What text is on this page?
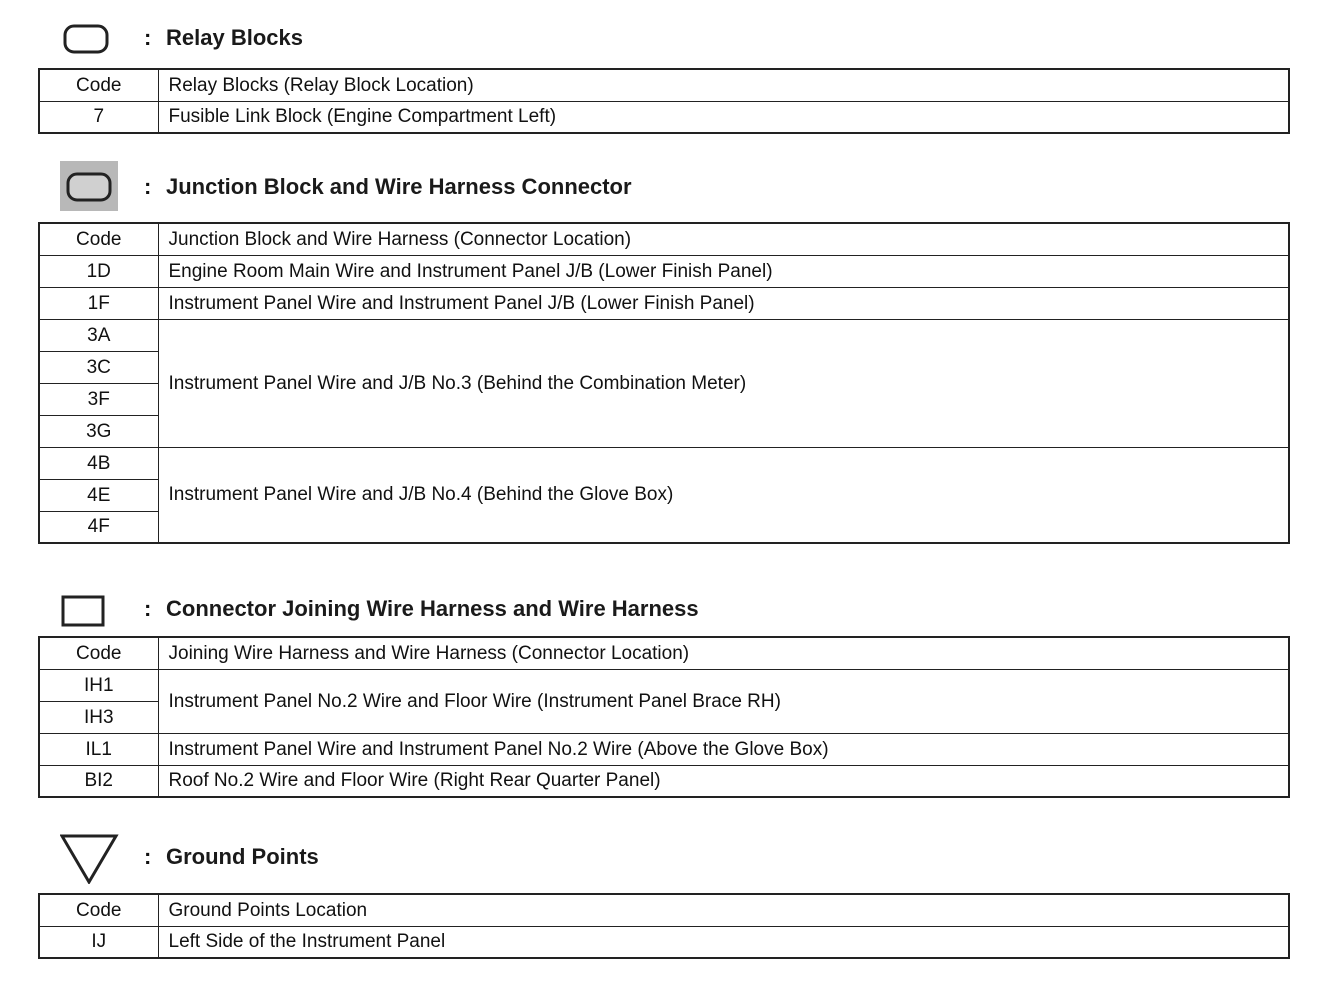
: Relay Blocks
Code	Relay Blocks (Relay Block Location)
7	Fusible Link Block (Engine Compartment Left)
: Junction Block and Wire Harness Connector
Code	Junction Block and Wire Harness (Connector Location)
1D	Engine Room Main Wire and Instrument Panel J/B (Lower Finish Panel)
1F	Instrument Panel Wire and Instrument Panel J/B (Lower Finish Panel)
3A	Instrument Panel Wire and J/B No.3 (Behind the Combination Meter)
3C	
3F	
3G	
4B	Instrument Panel Wire and J/B No.4 (Behind the Glove Box)
4E	
4F	
: Connector Joining Wire Harness and Wire Harness
Code	Joining Wire Harness and Wire Harness (Connector Location)
IH1	Instrument Panel No.2 Wire and Floor Wire (Instrument Panel Brace RH)
IH3	
IL1	Instrument Panel Wire and Instrument Panel No.2 Wire (Above the Glove Box)
BI2	Roof No.2 Wire and Floor Wire (Right Rear Quarter Panel)
: Ground Points
Code	Ground Points Location
IJ	Left Side of the Instrument Panel
